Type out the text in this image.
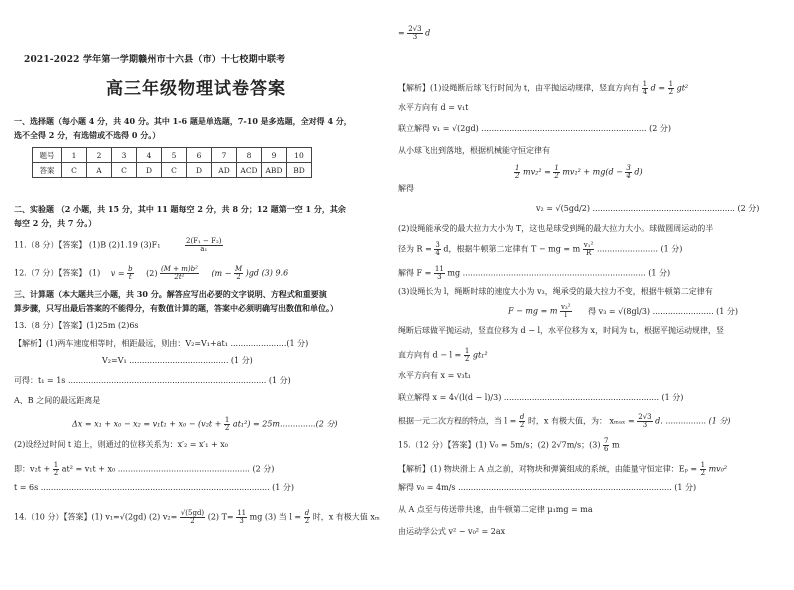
2021-2022 学年第一学期赣州市十六县（市）十七校期中联考
高三年级物理试卷答案
一、选择题（每小题 4 分，共 40 分。其中 1-6 题是单选题，7-10 是多选题，全对得 4 分，
选不全得 2 分，有选错或不选得 0 分。）
题号	1	2	3	4	5	6	7	8	9	10
答案	C	A	C	D	C	D	AD	ACD	ABD	BD
二、实验题 （2 小题，共 15 分，其中 11 题每空 2 分，共 8 分；12 题第一空 1 分，其余
每空 2 分，共 7 分。）
11.（8 分）【答案】 (1)B (2)1.19 (3)F₁	$\frac{\text{2(F₁ − F₂)}}{\text{a₁}}$
12.（7 分）【答案】 (1) $v = \frac{b}{t} (2) \frac{\text{(M + m)b²}}{\text{2t²}} (m - \frac{M}{2} )gd$ (3) 9.6
三、计算题（本大题共三小题，共 30 分。解答应写出必要的文字说明、方程式和重要演
算步骤，只写出最后答案的不能得分，有数值计算的题，答案中必须明确写出数值和单位。）
13.（8 分）【答案】(1)25m (2)6s
【解析】(1)两车速度相等时，相距最远，则由：V₂=V₁+at₁ ......................(1 分)
V₂=V₁ ....................................... (1 分)
可得：t₁ = 1s .............................................................................. (1 分)
A、B 之间的最远距离是
$\Delta x = x_1 + x_0 - x_2 = v_1t_1 + x_0 - (v_2t + \frac{1}{2} at_1^2) = 25m..............(2$ 分)
(2)设经过时间 t 追上，则通过的位移关系为：x′₂ = x′₁ + x₀
即：$v_2t + \frac{1}{2} at^2 = v_1t + x_0$ .................................................... (2 分)
t = 6s .......................................................................................... (1 分)
14.（10 分）【答案】(1) v₁=√(2gd) (2) $v_2= \frac{√(5gd)}{2} (2)$ $T= \frac{11}{3}$ mg (3) 当 $l = \frac{d}{2}$ 时，x 有极大值 xₘ
= $\frac{2√3}{3}$ d
【解析】(1)设绳断后球飞行时间为 t，由平抛运动规律，竖直方向有 $\frac{1}{4}$ $d = \frac{1}{2} gt^2$
水平方向有 d = v₁t
联立解得 v₁ = √(2gd) ................................................................. (2 分)
从小球飞出到落地，根据机械能守恒定律有
$\frac{1}{2} mv_2^2 = \frac{1}{2} mv_1^2 + mg(d - \frac{3}{4} d)$
解得
v₂ = √(5gd/2) ........................................................ (2 分)
(2)设绳能承受的最大拉力大小为 T，这也是球受到绳的最大拉力大小。球做圆周运动的半
径为 $R = \frac{3}{4}$ d，根据牛顿第二定律有 T − mg = m $\frac{\text{v₁²}}{R}$ ........................ (1 分)
解得 $F = \frac{11}{3}$ mg ........................................................................ (1 分)
(3)设绳长为 l，绳断时球的速度大小为 v₃，绳承受的最大拉力不变，根据牛顿第二定律有
F − mg = m $\frac{\text{v₃²}}{l}$ 得 v₃ = √(8gl/3) ........................ (1 分)
绳断后球做平抛运动，竖直位移为 d − l，水平位移为 x，时间为 t₁，根据平抛运动规律，竖
直方向有 $d - l = \frac{1}{2} gt_1^2$
水平方向有 x = v₃t₁
联立解得 x = 4√(l(d − l)/3) ............................................................. (1 分)
根据一元二次方程的特点，当 $l = \frac{d}{2}$ 时，x 有极大值，为： $x_{max} = \frac{2√3}{3} d$. ................ (1 分)
15.（12 分）【答案】(1) V₀ = 5m/s；(2) 2√7m/s；$(3) \frac{7}{6}$ m
【解析】(1) 物块滑上 A 点之前，对物块和弹簧组成的系统，由能量守恒定律：$E_p = \frac{1}{2} mv_0^2$
解得 v₀ = 4m/s .................................................................................... (1 分)
从 A 点至与传送带共速，由牛顿第二定律 μ₁mg = ma
由运动学公式 v² − v₀² = 2ax
